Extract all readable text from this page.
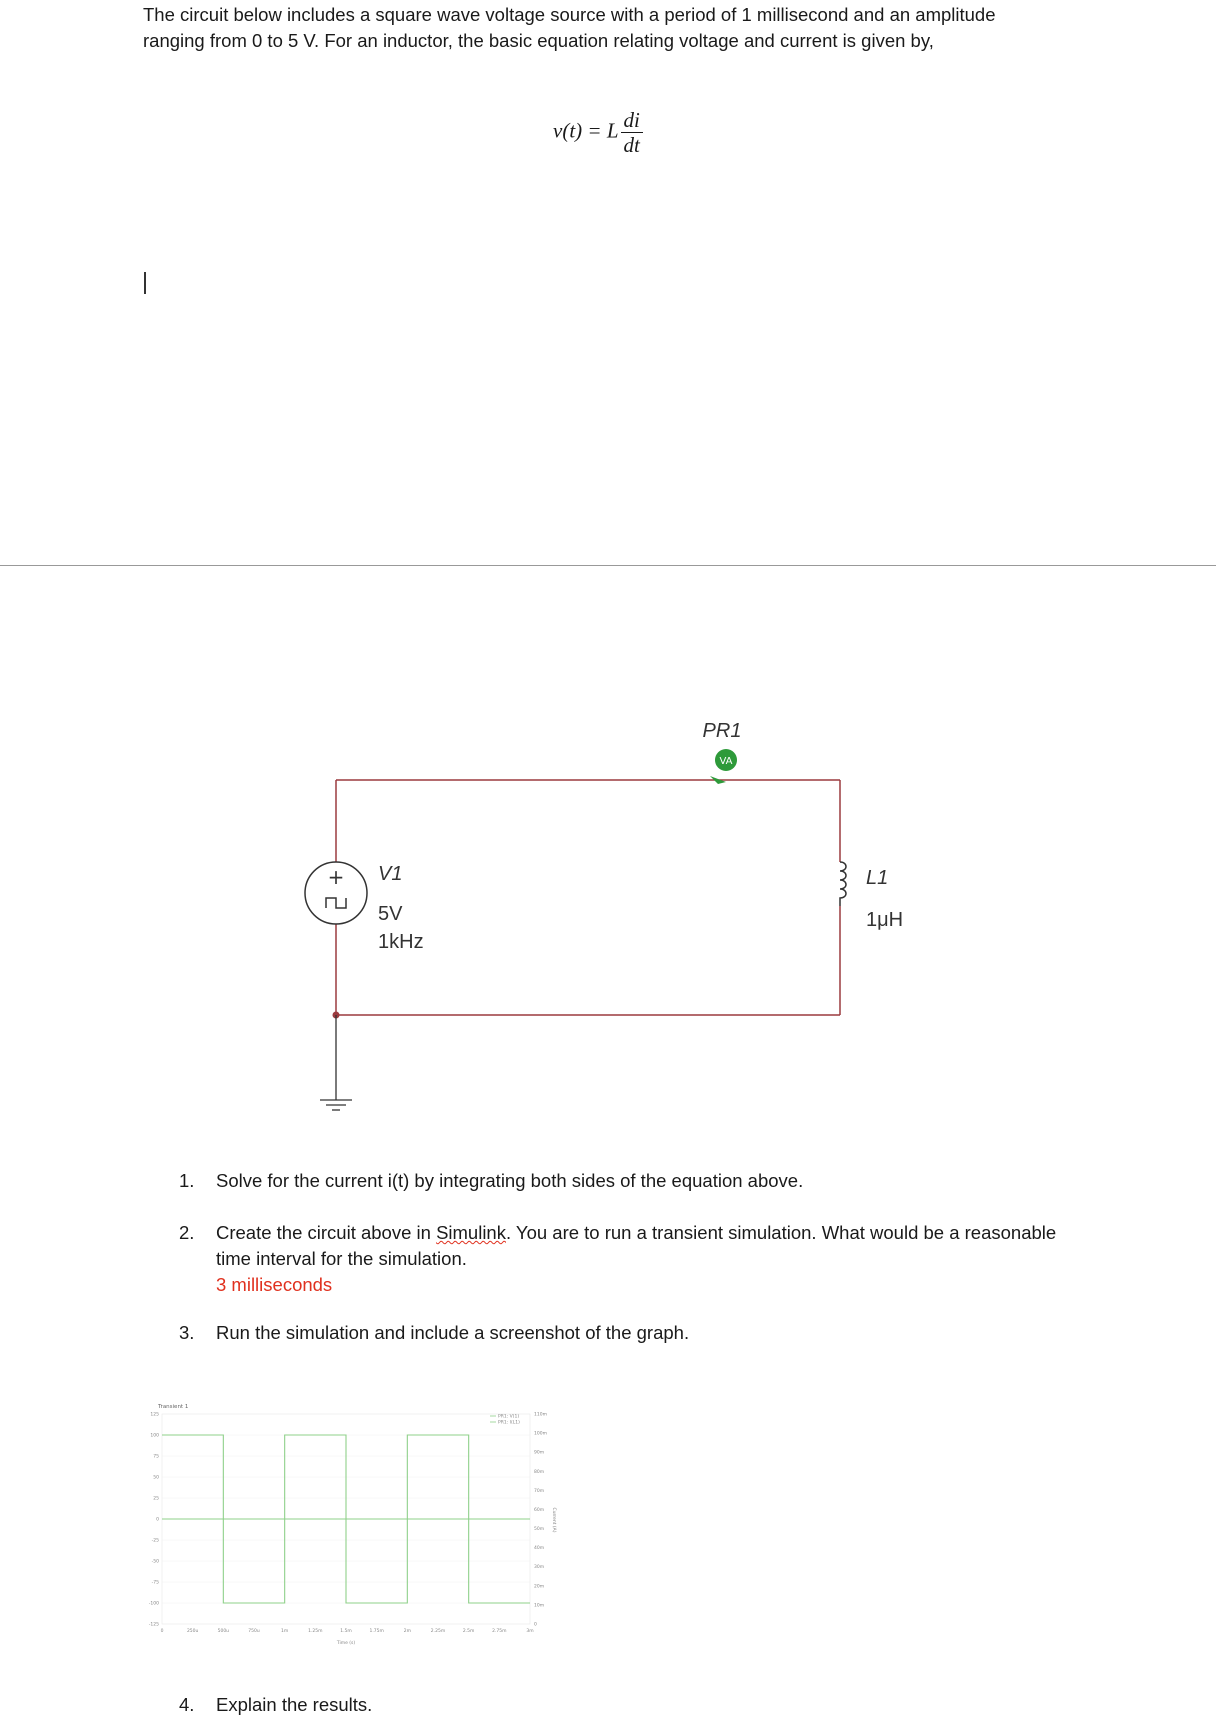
The circuit below includes a square wave voltage source with a period of 1 millisecond and an amplitude
ranging from 0 to 5 V. For an inductor, the basic equation relating voltage and current is given by,
v(t) = L $\frac{di}{dt}$
+ V1
5V
1kHz
L1
1μH
PR1
VA
1. Solve for the current i(t) by integrating both sides of the equation above.
2. Create the circuit above in Simulink. You are to run a transient simulation. What would be a reasonable time interval for the simulation.
3 milliseconds
3. Run the simulation and include a screenshot of the graph.
Transient 1
125
100
75
50
25
0
-25
-50
-75
-100
-125
110m
100m
90m
80m
70m
60m
50m
40m
30m
20m
10m
0
0	250u	500u	750u	1m	1.25m	1.5m	1.75m	2m	2.25m	2.5m	2.75m	3m
PR1: V(1)
PR1: I(L1)
Time (s)
Current (A)
4. Explain the results.
